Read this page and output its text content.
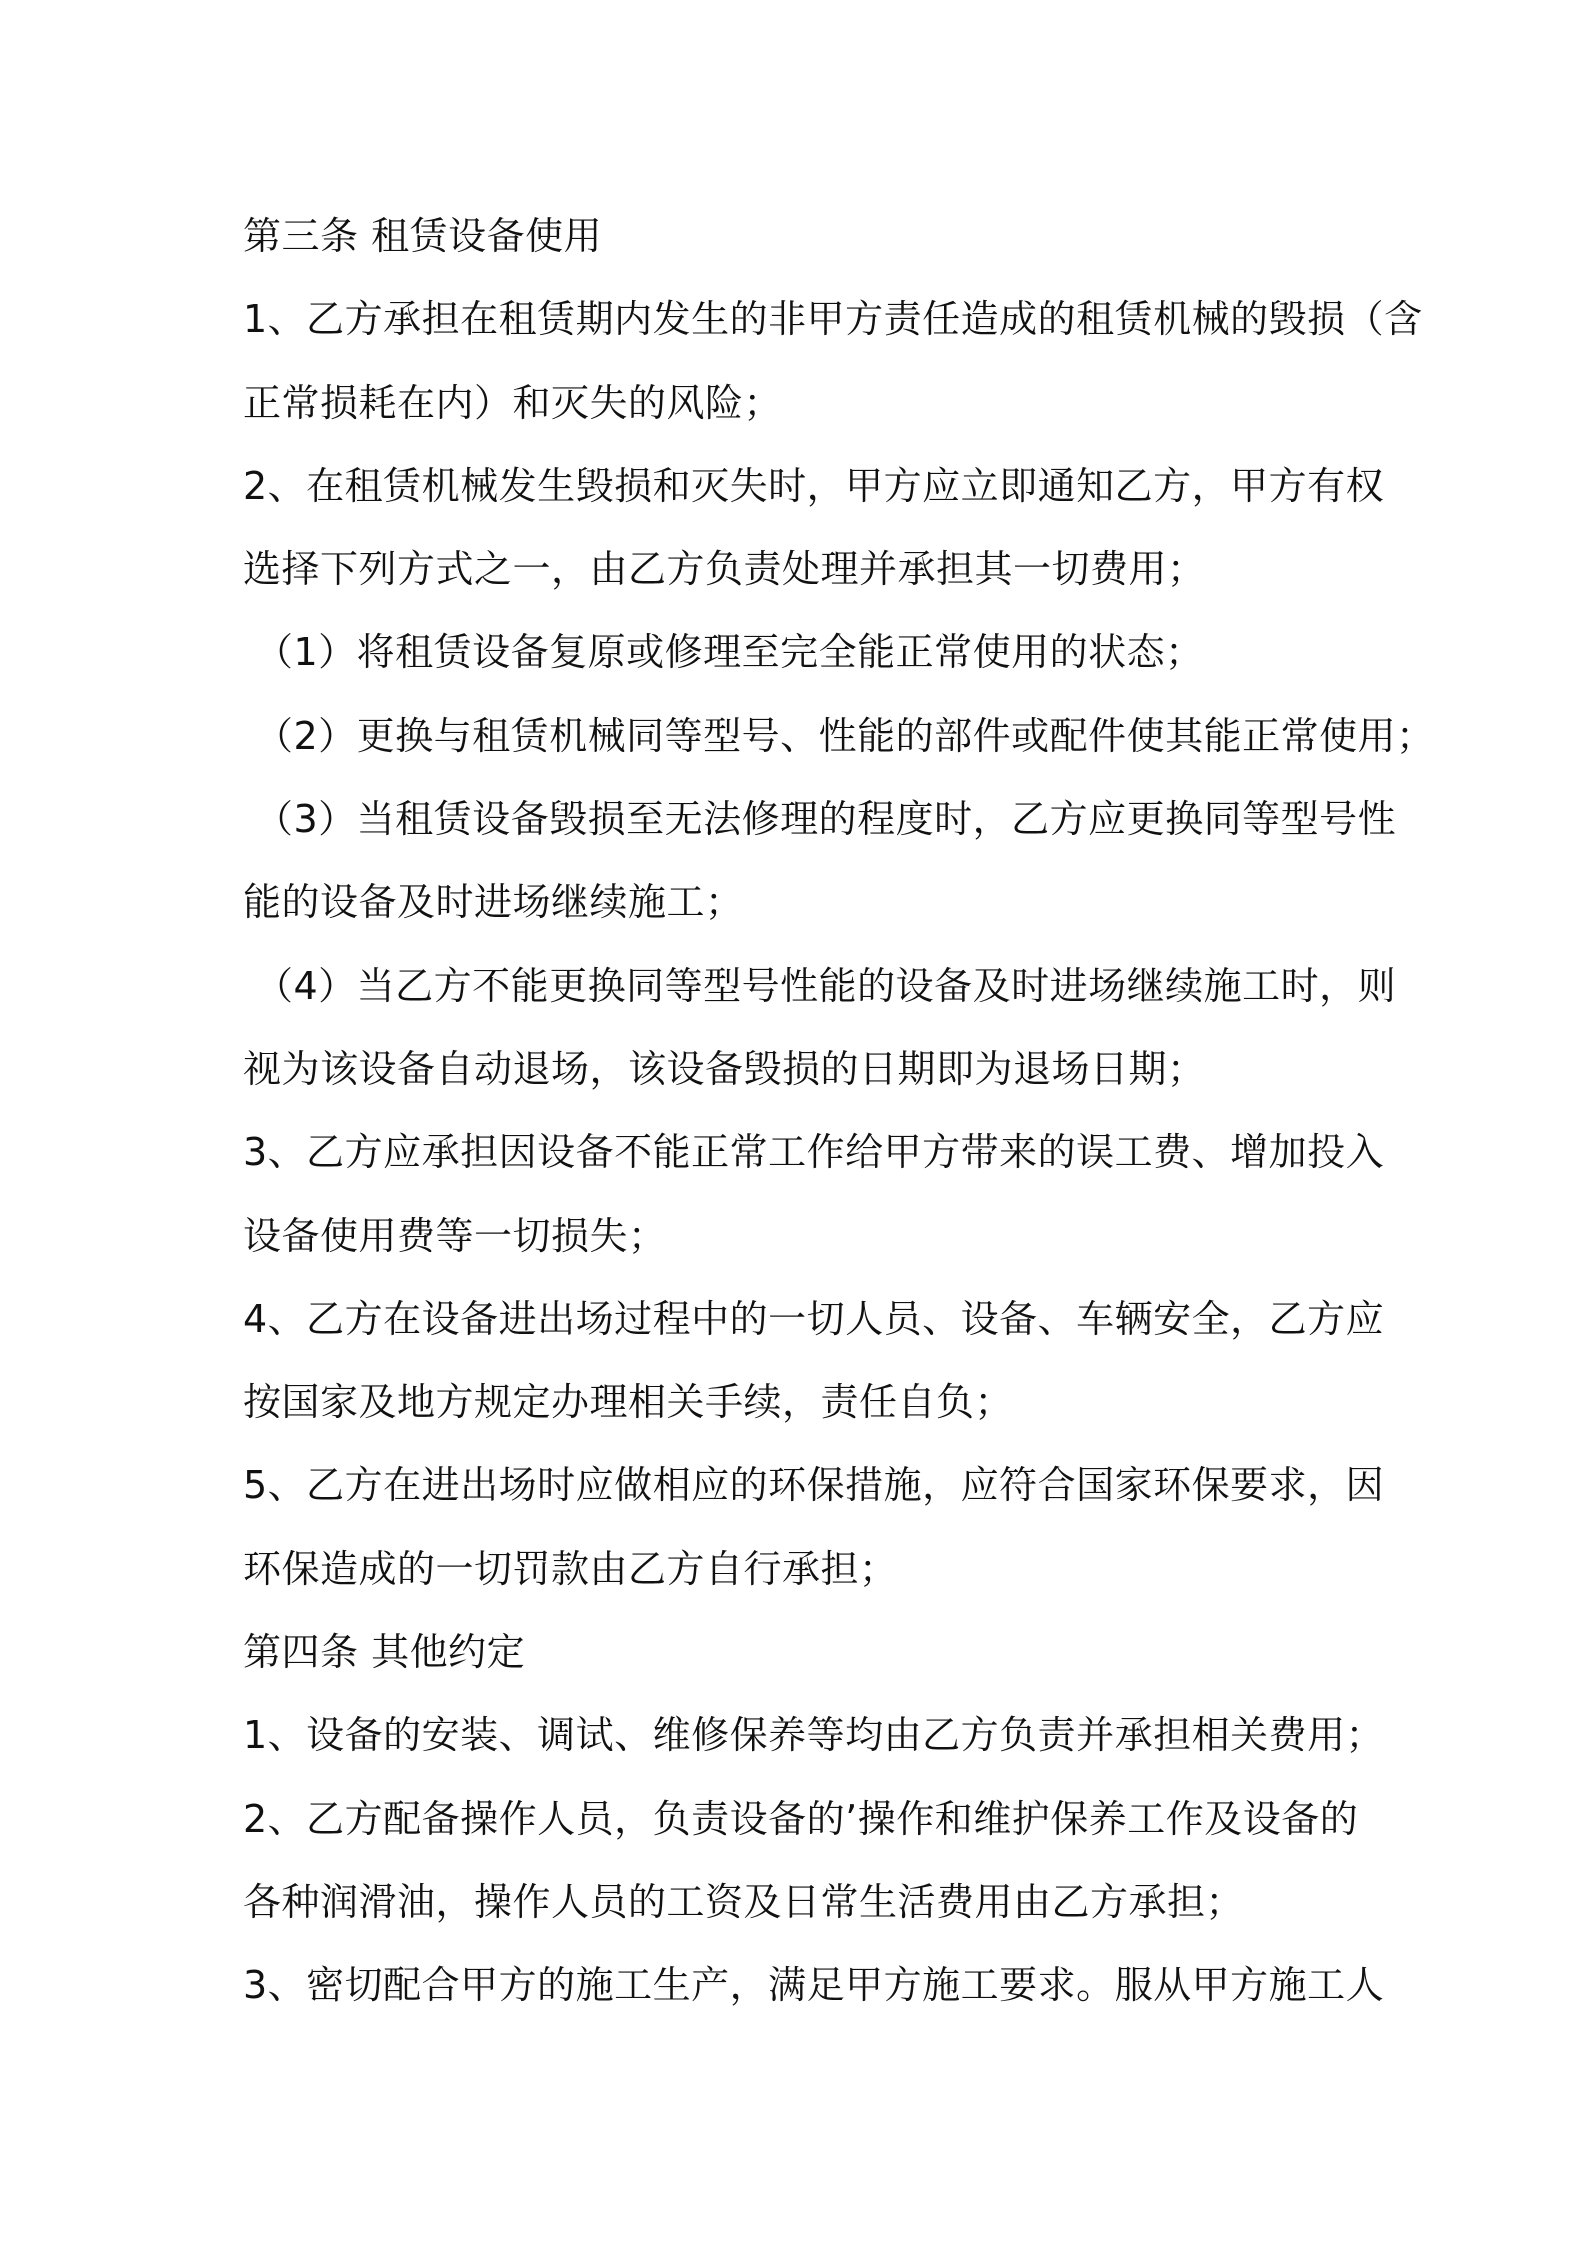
第三条 租赁设备使用
1、乙方承担在租赁期内发生的非甲方责任造成的租赁机械的毁损（含
正常损耗在内）和灭失的风险；
2、在租赁机械发生毁损和灭失时，甲方应立即通知乙方，甲方有权
选择下列方式之一，由乙方负责处理并承担其一切费用；
（1）将租赁设备复原或修理至完全能正常使用的状态；
（2）更换与租赁机械同等型号、性能的部件或配件使其能正常使用；
（3）当租赁设备毁损至无法修理的程度时，乙方应更换同等型号性
能的设备及时进场继续施工；
（4）当乙方不能更换同等型号性能的设备及时进场继续施工时，则
视为该设备自动退场，该设备毁损的日期即为退场日期；
3、乙方应承担因设备不能正常工作给甲方带来的误工费、增加投入
设备使用费等一切损失；
4、乙方在设备进出场过程中的一切人员、设备、车辆安全，乙方应
按国家及地方规定办理相关手续，责任自负；
5、乙方在进出场时应做相应的环保措施，应符合国家环保要求，因
环保造成的一切罚款由乙方自行承担；
第四条 其他约定
1、设备的安装、调试、维修保养等均由乙方负责并承担相关费用；
2、乙方配备操作人员，负责设备的’操作和维护保养工作及设备的
各种润滑油，操作人员的工资及日常生活费用由乙方承担；
3、密切配合甲方的施工生产，满足甲方施工要求。服从甲方施工人
